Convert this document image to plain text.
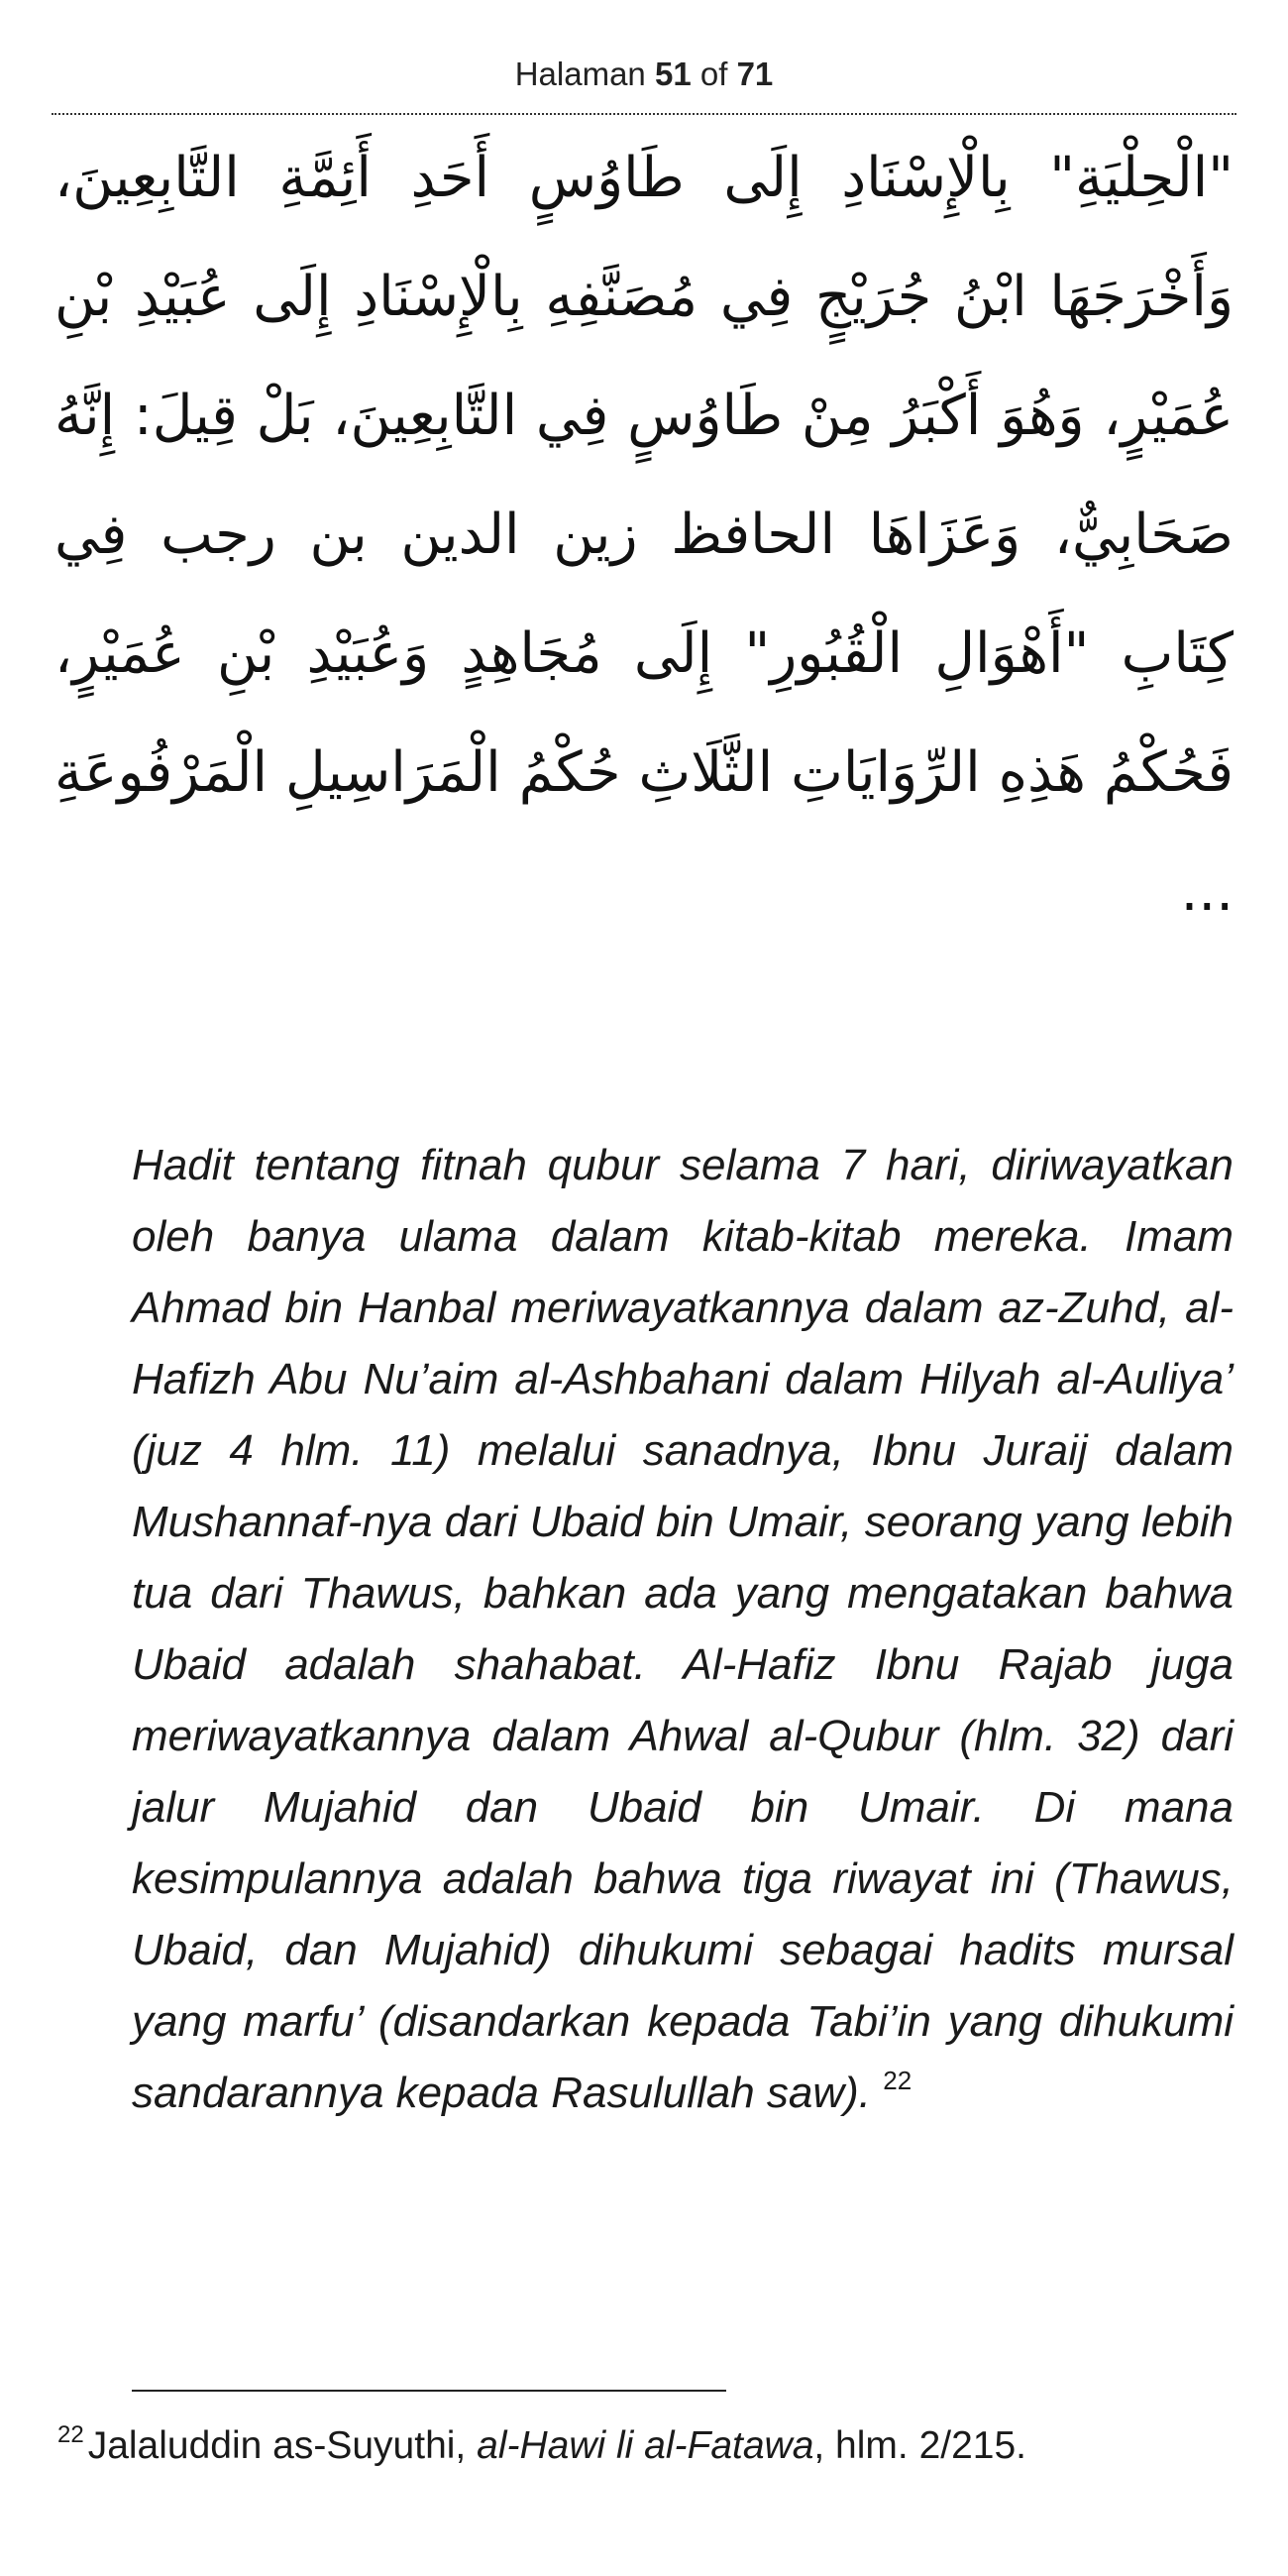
Halaman 51 of 71

"الْحِلْيَةِ" بِالْإِسْنَادِ إِلَى طَاوُسٍ أَحَدِ أَئِمَّةِ التَّابِعِينَ، وَأَخْرَجَهَا ابْنُ جُرَيْجٍ فِي مُصَنَّفِهِ بِالْإِسْنَادِ إِلَى عُبَيْدِ بْنِ عُمَيْرٍ، وَهُوَ أَكْبَرُ مِنْ طَاوُسٍ فِي التَّابِعِينَ، بَلْ قِيلَ: إِنَّهُ صَحَابِيٌّ، وَعَزَاهَا الحافظ زين الدين بن رجب فِي كِتَابِ "أَهْوَالِ الْقُبُورِ" إِلَى مُجَاهِدٍ وَعُبَيْدِ بْنِ عُمَيْرٍ، فَحُكْمُ هَذِهِ الرِّوَايَاتِ الثَّلَاثِ حُكْمُ الْمَرَاسِيلِ الْمَرْفُوعَةِ ...

Hadit tentang fitnah qubur selama 7 hari, diriwayatkan oleh banya ulama dalam kitab-kitab mereka. Imam Ahmad bin Hanbal meriwayatkannya dalam az-Zuhd, al-Hafizh Abu Nu’aim al-Ashbahani dalam Hilyah al-Auliya’ (juz 4 hlm. 11) melalui sanadnya, Ibnu Juraij dalam Mushannaf-nya dari Ubaid bin Umair, seorang yang lebih tua dari Thawus, bahkan ada yang mengatakan bahwa Ubaid adalah shahabat. Al-Hafiz Ibnu Rajab juga meriwayatkannya dalam Ahwal al-Qubur (hlm. 32) dari jalur Mujahid dan Ubaid bin Umair. Di mana kesimpulannya adalah bahwa tiga riwayat ini (Thawus, Ubaid, dan Mujahid) dihukumi sebagai hadits mursal yang marfu’ (disandarkan kepada Tabi’in yang dihukumi sandarannya kepada Rasulullah saw). $^{22}$

$^{22}$ Jalaluddin as-Suyuthi, al-Hawi li al-Fatawa, hlm. 2/215.
